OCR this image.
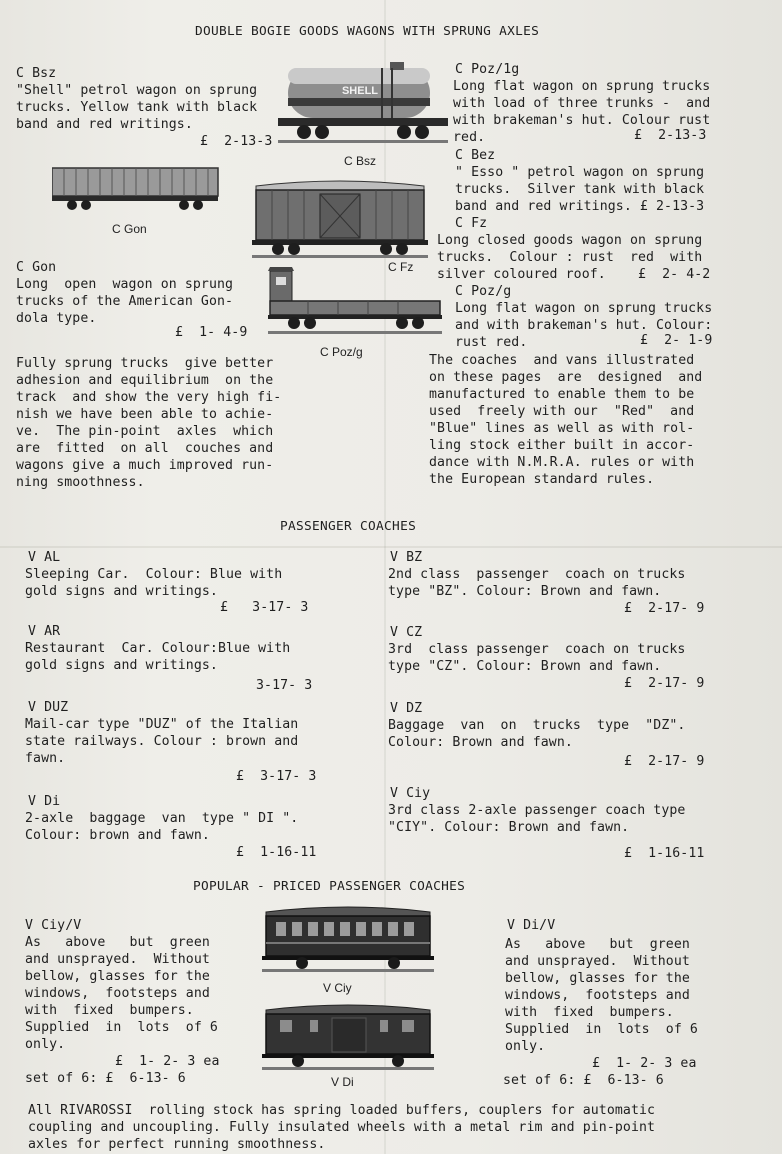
DOUBLE BOGIE GOODS WAGONS WITH SPRUNG AXLES
C Bsz
"Shell" petrol wagon on sprung
trucks. Yellow tank with black
band and red writings.
£  2-13-3
SHELL
C Bsz
C Gon
C Fz
C Poz/g
C Gon
Long  open  wagon on sprung
trucks of the American Gon-
dola type.
£  1- 4-9
Fully sprung trucks  give better
adhesion and equilibrium  on the
track  and show the very high fi-
nish we have been able to achie-
ve.  The pin-point  axles  which
are  fitted  on all  couches and
wagons give a much improved run-
ning smoothness.
C Poz/1g
Long flat wagon on sprung trucks
with load of three trunks -  and
with brakeman's hut. Colour rust
red.	£  2-13-3
C Bez
" Esso " petrol wagon on sprung
trucks.  Silver tank with black
band and red writings. £ 2-13-3
C Fz
Long closed goods wagon on sprung
trucks.  Colour : rust  red  with
silver coloured roof.    £  2- 4-2
C Poz/g
Long flat wagon on sprung trucks
and with brakeman's hut. Colour:
rust red.	£  2- 1-9
The coaches  and vans illustrated
on these pages  are  designed  and
manufactured to enable them to be
used  freely with our  "Red"  and
"Blue" lines as well as with rol-
ling stock either built in accor-
dance with N.M.R.A. rules or with
the European standard rules.
PASSENGER COACHES
V AL
Sleeping Car.  Colour: Blue with
gold signs and writings.
£   3-17- 3
V AR
Restaurant  Car. Colour:Blue with
gold signs and writings.
3-17- 3
V DUZ
Mail-car type "DUZ" of the Italian
state railways. Colour : brown and
fawn.
£  3-17- 3
V Di
2-axle  baggage  van  type " DI ".
Colour: brown and fawn.
£  1-16-11
V BZ
2nd class  passenger  coach on trucks
type "BZ". Colour: Brown and fawn.
£  2-17- 9
V CZ
3rd  class passenger  coach on trucks
type "CZ". Colour: Brown and fawn.
£  2-17- 9
V DZ
Baggage  van  on  trucks  type  "DZ".
Colour: Brown and fawn.
£  2-17- 9
V Ciy
3rd class 2-axle passenger coach type
"CIY". Colour: Brown and fawn.
£  1-16-11
POPULAR - PRICED PASSENGER COACHES
V Ciy/V
As   above   but  green
and unsprayed.  Without
bellow, glasses for the
windows,  footsteps and
with  fixed  bumpers.
Supplied  in  lots  of 6
only.
£  1- 2- 3 ea
set of 6: £  6-13- 6
V Ciy
V Di
V Di/V
As   above   but  green
and unsprayed.  Without
bellow, glasses for the
windows,  footsteps and
with  fixed  bumpers.
Supplied  in  lots  of 6
only.
£  1- 2- 3 ea
set of 6: £  6-13- 6
All RIVAROSSI  rolling stock has spring loaded buffers, couplers for automatic
coupling and uncoupling. Fully insulated wheels with a metal rim and pin-point
axles for perfect running smoothness.
